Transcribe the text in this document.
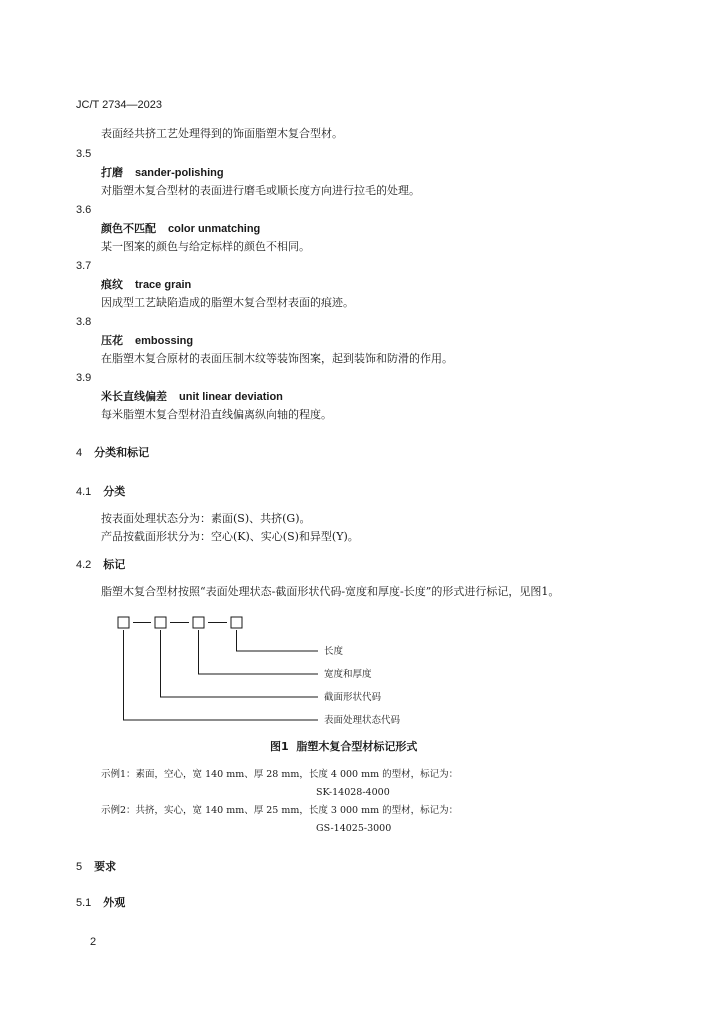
JC/T 2734—2023
表面经共挤工艺处理得到的饰面脂塑木复合型材。
3.5
打磨 sander-polishing
对脂塑木复合型材的表面进行磨毛或顺长度方向进行拉毛的处理。
3.6
颜色不匹配 color unmatching
某一图案的颜色与给定标样的颜色不相同。
3.7
痕纹 trace grain
因成型工艺缺陷造成的脂塑木复合型材表面的痕迹。
3.8
压花 embossing
在脂塑木复合原材的表面压制木纹等装饰图案，起到装饰和防滑的作用。
3.9
米长直线偏差 unit linear deviation
每米脂塑木复合型材沿直线偏离纵向轴的程度。
4 分类和标记
4.1 分类
按表面处理状态分为：素面(S)、共挤(G)。
产品按截面形状分为：空心(K)、实心(S)和异型(Y)。
4.2 标记
脂塑木复合型材按照“表面处理状态-截面形状代码-宽度和厚度-长度”的形式进行标记，见图1。
长度
宽度和厚度
截面形状代码
表面处理状态代码
图1 脂塑木复合型材标记形式
示例1：素面，空心，宽 140 mm、厚 28 mm，长度 4 000 mm 的型材，标记为：
SK-14028-4000
示例2：共挤，实心，宽 140 mm、厚 25 mm，长度 3 000 mm 的型材，标记为：
GS-14025-3000
5 要求
5.1 外观
2
